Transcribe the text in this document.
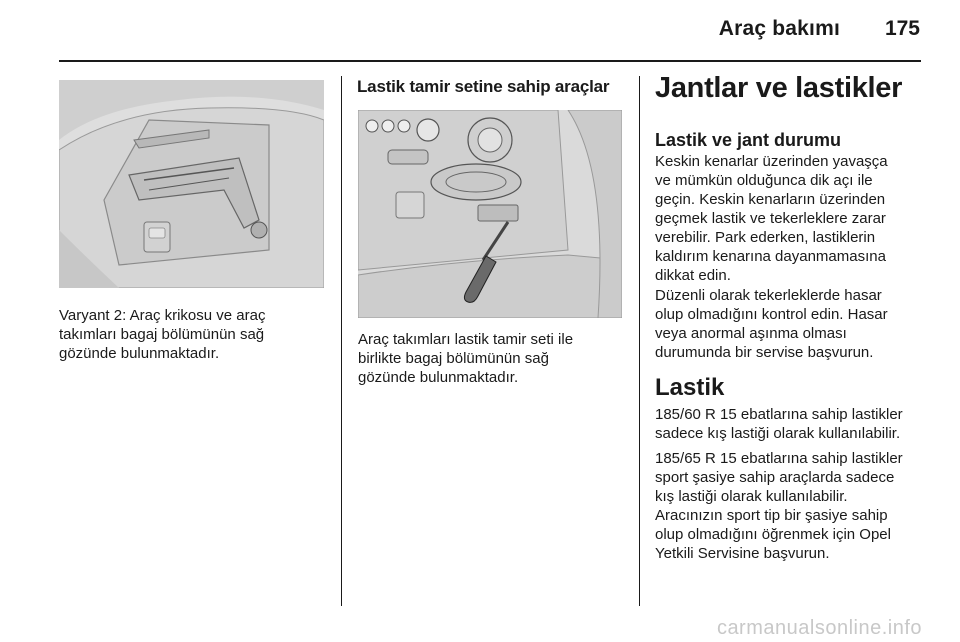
Araç bakımı 175
Varyant 2: Araç krikosu ve araç
takımları bagaj bölümünün sağ
gözünde bulunmaktadır.
Lastik tamir setine sahip araçlar
Araç takımları lastik tamir seti ile
birlikte bagaj bölümünün sağ
gözünde bulunmaktadır.
Jantlar ve lastikler
Lastik ve jant durumu
Keskin kenarlar üzerinden yavaşça
ve mümkün olduğunca dik açı ile
geçin. Keskin kenarların üzerinden
geçmek lastik ve tekerleklere zarar
verebilir. Park ederken, lastiklerin
kaldırım kenarına dayanmamasına
dikkat edin.
Düzenli olarak tekerleklerde hasar
olup olmadığını kontrol edin. Hasar
veya anormal aşınma olması
durumunda bir servise başvurun.
Lastik
185/60 R 15 ebatlarına sahip lastikler
sadece kış lastiği olarak kullanılabilir.
185/65 R 15 ebatlarına sahip lastikler
sport şasiye sahip araçlarda sadece
kış lastiği olarak kullanılabilir.
Aracınızın sport tip bir şasiye sahip
olup olmadığını öğrenmek için Opel
Yetkili Servisine başvurun.
carmanualsonline.info
